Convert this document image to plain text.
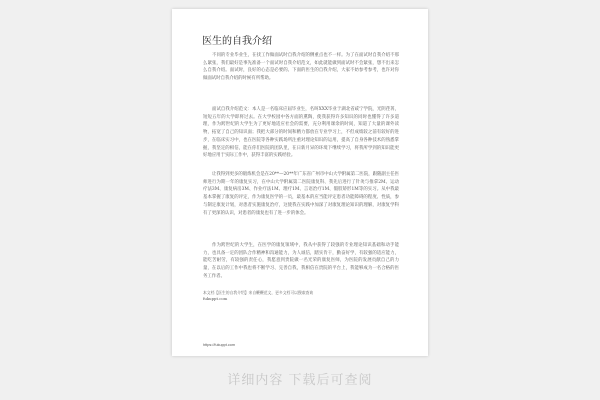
医生的自我介绍

不同的专业毕业生，在找工作做面试时自我介绍的侧重点也不一样。为了在面试时自我介绍不那么紧张，我们最好是事先准备一个面试时自我介绍范文，如此就能做到面试时不会紧张，想不出来怎么自我介绍。面试时，良好的心态是必要的。下面的医生的自我介绍，大家不妨参考参考，也许对你做面试时自我介绍的时候有所帮助。

面试自我介绍范文：本人是一名临床应届毕业生，名叫XXX毕业于湖北省咸宁学院，光阴荏苒，短短五年的大学即将过去。在大学校园中各方面的熏陶，使我获得许多知识的同时也懂得了许多道理，作为跨世纪的大学生为了更好地适应社会的需要，充分利用课余的时间，知道了大量的课外读物，拓宽了自己的知识面；我把大部分的时间和精力都放在专业学习上，不但成绩较之前有较好的进步，在临床实习中，也在医院等各种实践场所注重对理论知识的运用，提高了自身各种技术的熟悉掌握，我坚定的相信，能在你们医院的团队里，在日新月异的环境下继续学习，将我所学到的知识能更好地应用于实际工作中，获得丰富的实践经验。

让我得到更多的锻炼机会是在20**—20**年广东省广州市中山大学附属第二医院，跟随副主任医师进行为期一年的康复实习，在中山大学附属第二医院康复科、我先后进行了针灸与推拿2M、运动疗法3M、康复病房3M、作业疗法1M、理疗1M、言语治疗1M、假肢矫形1M等的实习。从中我最基本掌握了康复的评定，作为康复医学的一员，最基本的应当能评定患者功能障碍的程度、性质，参与制定康复计划，对患者实施康复治疗，这使我在实践中加深了对康复理论知识的理解，对康复学科有了更深的认识，对患者的康复也有了进一步的体会。

作为跨世纪的大学生，在医学的康复领域中，我从中获得了较强的专业理论知识基础和动手能力，也具备一定的团队合作精神和沟通能力，为人诚信，踏实肯干，勤奋好学，有较强的适应能力，能吃苦耐劳，有较强的责任心，我愿意到贵院做一名光荣的康复医师，为医院的发展贡献自己的力量，在以后的工作中我也将不断学习、完善自我，我相信在贵院的平台上，我能够成为一名合格的医务工作者。

本文档【医生的自我介绍】来自鞭鞭范文，更多文档可以搜索查询
fukuppt.com

https://fukuppt.com

详细内容 下载后可查阅
